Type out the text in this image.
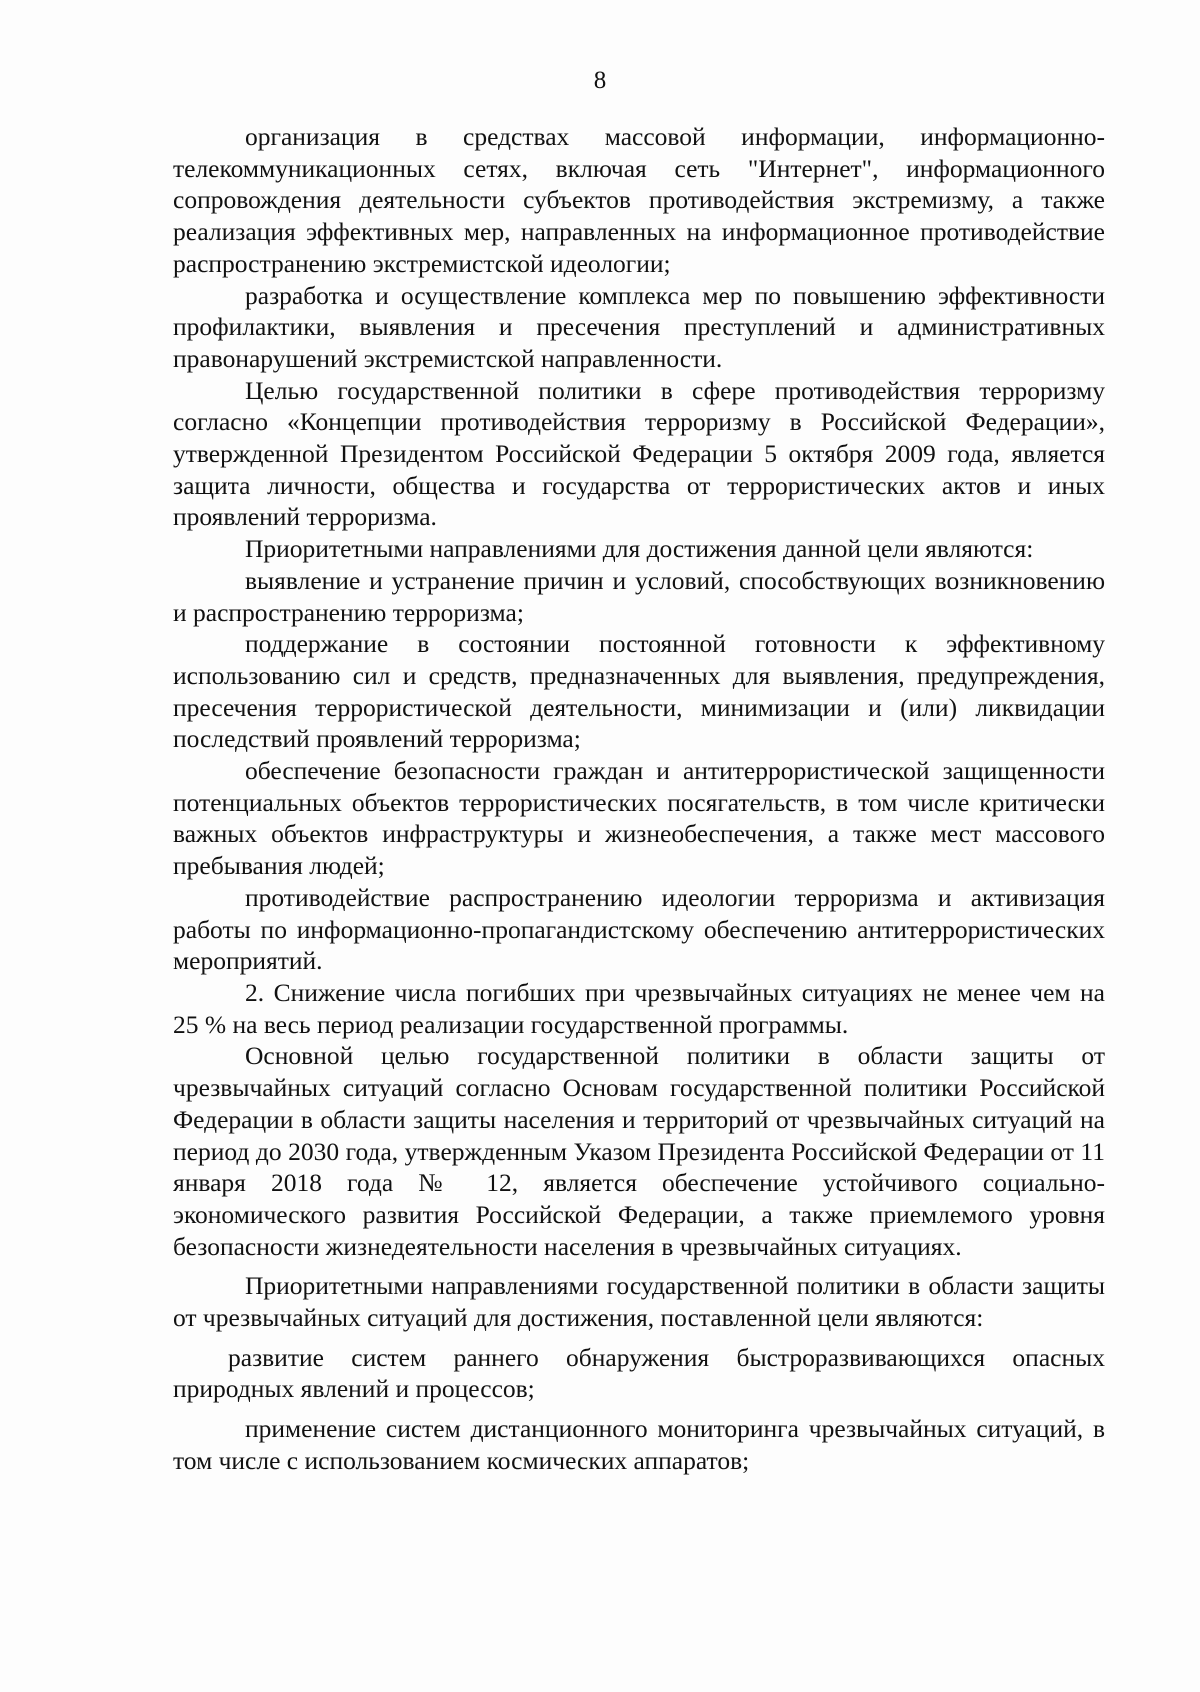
8

организация в средствах массовой информации, информационно-телекоммуникационных сетях, включая сеть "Интернет", информационного сопровождения деятельности субъектов противодействия экстремизму, а также реализация эффективных мер, направленных на информационное противодействие распространению экстремистской идеологии;

разработка и осуществление комплекса мер по повышению эффективности профилактики, выявления и пресечения преступлений и административных правонарушений экстремистской направленности.

Целью государственной политики в сфере противодействия терроризму согласно «Концепции противодействия терроризму в Российской Федерации», утвержденной Президентом Российской Федерации 5 октября 2009 года, является защита личности, общества и государства от террористических актов и иных проявлений терроризма.

Приоритетными направлениями для достижения данной цели являются:

выявление и устранение причин и условий, способствующих возникновению и распространению терроризма;

поддержание в состоянии постоянной готовности к эффективному использованию сил и средств, предназначенных для выявления, предупреждения, пресечения террористической деятельности, минимизации и (или) ликвидации последствий проявлений терроризма;

обеспечение безопасности граждан и антитеррористической защищенности потенциальных объектов террористических посягательств, в том числе критически важных объектов инфраструктуры и жизнеобеспечения, а также мест массового пребывания людей;

противодействие распространению идеологии терроризма и активизация работы по информационно-пропагандистскому обеспечению антитеррористических мероприятий.

2. Снижение числа погибших при чрезвычайных ситуациях не менее чем на 25 % на весь период реализации государственной программы.

Основной целью государственной политики в области защиты от чрезвычайных ситуаций согласно Основам государственной политики Российской Федерации в области защиты населения и территорий от чрезвычайных ситуаций на период до 2030 года, утвержденным Указом Президента Российской Федерации от 11 января 2018 года № 12, является обеспечение устойчивого социально-экономического развития Российской Федерации, а также приемлемого уровня безопасности жизнедеятельности населения в чрезвычайных ситуациях.

Приоритетными направлениями государственной политики в области защиты от чрезвычайных ситуаций для достижения, поставленной цели являются:

развитие систем раннего обнаружения быстроразвивающихся опасных природных явлений и процессов;

применение систем дистанционного мониторинга чрезвычайных ситуаций, в том числе с использованием космических аппаратов;
